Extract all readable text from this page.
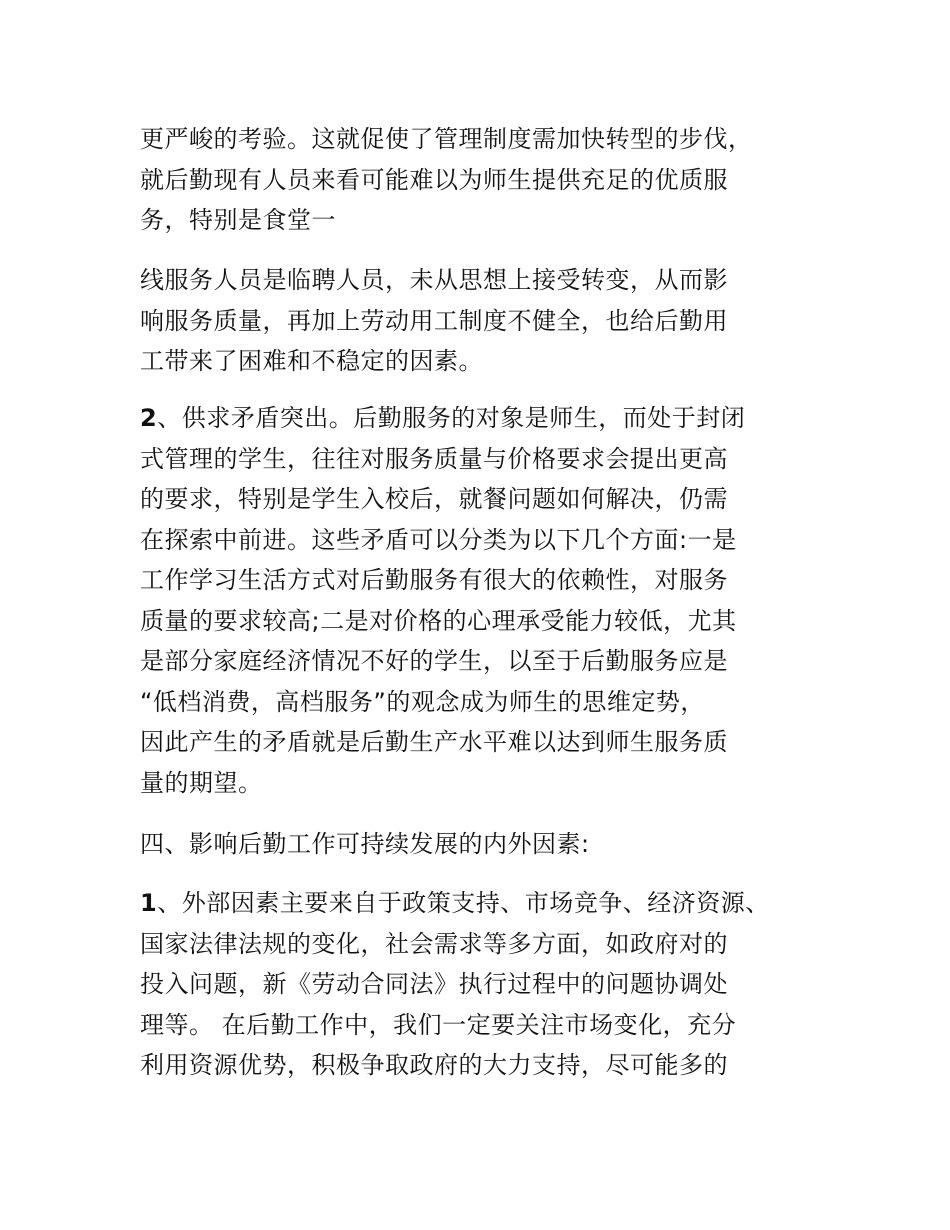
更严峻的考验。这就促使了管理制度需加快转型的步伐，
就后勤现有人员来看可能难以为师生提供充足的优质服
务，特别是食堂一
线服务人员是临聘人员，未从思想上接受转变，从而影
响服务质量，再加上劳动用工制度不健全，也给后勤用
工带来了困难和不稳定的因素。
2、供求矛盾突出。后勤服务的对象是师生，而处于封闭
式管理的学生，往往对服务质量与价格要求会提出更高
的要求，特别是学生入校后，就餐问题如何解决，仍需
在探索中前进。这些矛盾可以分类为以下几个方面:一是
工作学习生活方式对后勤服务有很大的依赖性，对服务
质量的要求较高;二是对价格的心理承受能力较低，尤其
是部分家庭经济情况不好的学生，以至于后勤服务应是
“低档消费，高档服务”的观念成为师生的思维定势，
因此产生的矛盾就是后勤生产水平难以达到师生服务质
量的期望。
四、影响后勤工作可持续发展的内外因素:
1、外部因素主要来自于政策支持、市场竞争、经济资源、
国家法律法规的变化，社会需求等多方面，如政府对的
投入问题，新《劳动合同法》执行过程中的问题协调处
理等。 在后勤工作中，我们一定要关注市场变化，充分
利用资源优势，积极争取政府的大力支持，尽可能多的
